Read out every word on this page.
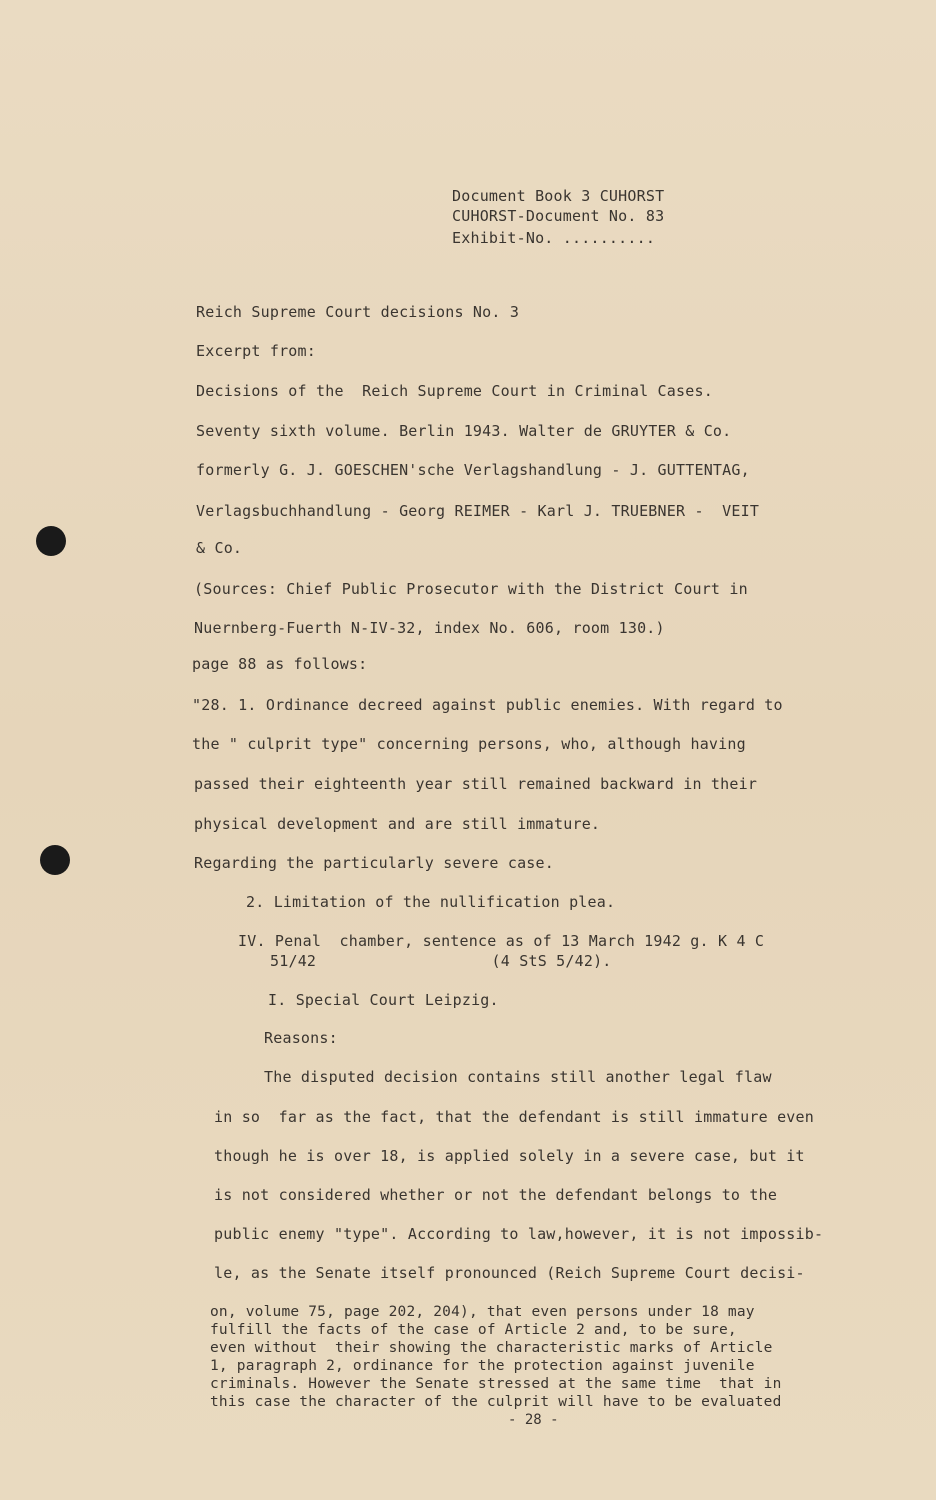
Document Book 3 CUHORST
CUHORST-Document No. 83
Exhibit-No. ..........
Reich Supreme Court decisions No. 3
Excerpt from:
Decisions of the  Reich Supreme Court in Criminal Cases.
Seventy sixth volume. Berlin 1943. Walter de GRUYTER & Co.
formerly G. J. GOESCHEN'sche Verlagshandlung - J. GUTTENTAG,
Verlagsbuchhandlung - Georg REIMER - Karl J. TRUEBNER -  VEIT
& Co.
(Sources: Chief Public Prosecutor with the District Court in
Nuernberg-Fuerth N-IV-32, index No. 606, room 130.)
page 88 as follows:
"28. 1. Ordinance decreed against public enemies. With regard to
the " culprit type" concerning persons, who, although having
passed their eighteenth year still remained backward in their
physical development and are still immature.
Regarding the particularly severe case.
2. Limitation of the nullification plea.
IV. Penal  chamber, sentence as of 13 March 1942 g. K 4 C
51/42                   (4 StS 5/42).
I. Special Court Leipzig.
Reasons:
The disputed decision contains still another legal flaw
in so  far as the fact, that the defendant is still immature even
though he is over 18, is applied solely in a severe case, but it
is not considered whether or not the defendant belongs to the
public enemy "type". According to law,however, it is not impossib-
le, as the Senate itself pronounced (Reich Supreme Court decisi-
on, volume 75, page 202, 204), that even persons under 18 may
fulfill the facts of the case of Article 2 and, to be sure,
even without  their showing the characteristic marks of Article
1, paragraph 2, ordinance for the protection against juvenile
criminals. However the Senate stressed at the same time  that in
this case the character of the culprit will have to be evaluated
- 28 -
